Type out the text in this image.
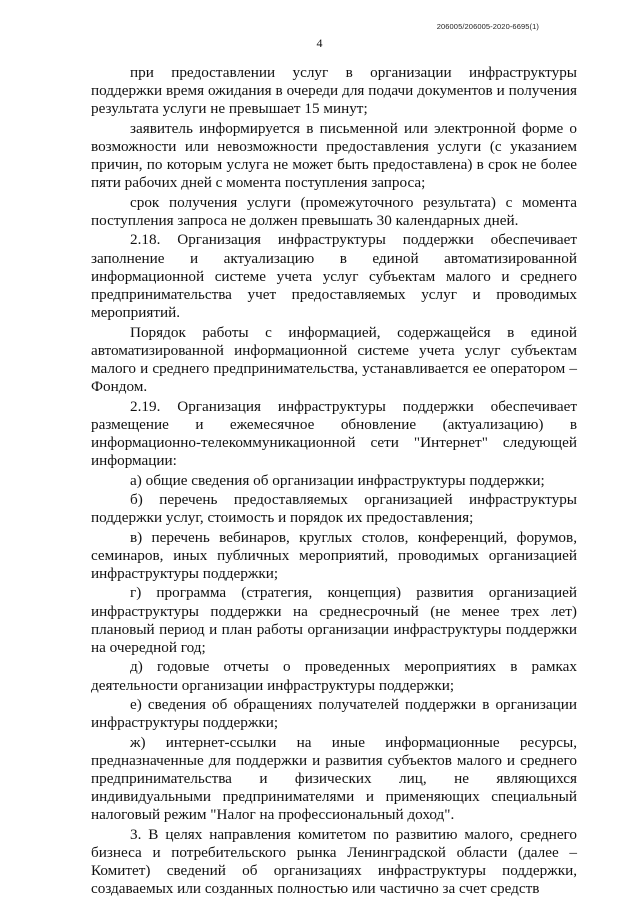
206005/206005-2020-6695(1)
4

при предоставлении услуг в организации инфраструктуры поддержки время ожидания в очереди для подачи документов и получения результата услуги не превышает 15 минут;

заявитель информируется в письменной или электронной форме о возможности или невозможности предоставления услуги (с указанием причин, по которым услуга не может быть предоставлена) в срок не более пяти рабочих дней с момента поступления запроса;

срок получения услуги (промежуточного результата) с момента поступления запроса не должен превышать 30 календарных дней.

2.18. Организация инфраструктуры поддержки обеспечивает заполнение и актуализацию в единой автоматизированной информационной системе учета услуг субъектам малого и среднего предпринимательства учет предоставляемых услуг и проводимых мероприятий.

Порядок работы с информацией, содержащейся в единой автоматизированной информационной системе учета услуг субъектам малого и среднего предпринимательства, устанавливается ее оператором – Фондом.

2.19. Организация инфраструктуры поддержки обеспечивает размещение и ежемесячное обновление (актуализацию) в информационно-телекоммуникационной сети "Интернет" следующей информации:

а) общие сведения об организации инфраструктуры поддержки;

б) перечень предоставляемых организацией инфраструктуры поддержки услуг, стоимость и порядок их предоставления;

в) перечень вебинаров, круглых столов, конференций, форумов, семинаров, иных публичных мероприятий, проводимых организацией инфраструктуры поддержки;

г) программа (стратегия, концепция) развития организацией инфраструктуры поддержки на среднесрочный (не менее трех лет) плановый период и план работы организации инфраструктуры поддержки на очередной год;

д) годовые отчеты о проведенных мероприятиях в рамках деятельности организации инфраструктуры поддержки;

е) сведения об обращениях получателей поддержки в организации инфраструктуры поддержки;

ж) интернет-ссылки на иные информационные ресурсы, предназначенные для поддержки и развития субъектов малого и среднего предпринимательства и физических лиц, не являющихся индивидуальными предпринимателями и применяющих специальный налоговый режим "Налог на профессиональный доход".

3. В целях направления комитетом по развитию малого, среднего бизнеса и потребительского рынка Ленинградской области (далее – Комитет) сведений об организациях инфраструктуры поддержки, создаваемых или созданных полностью или частично за счет средств
